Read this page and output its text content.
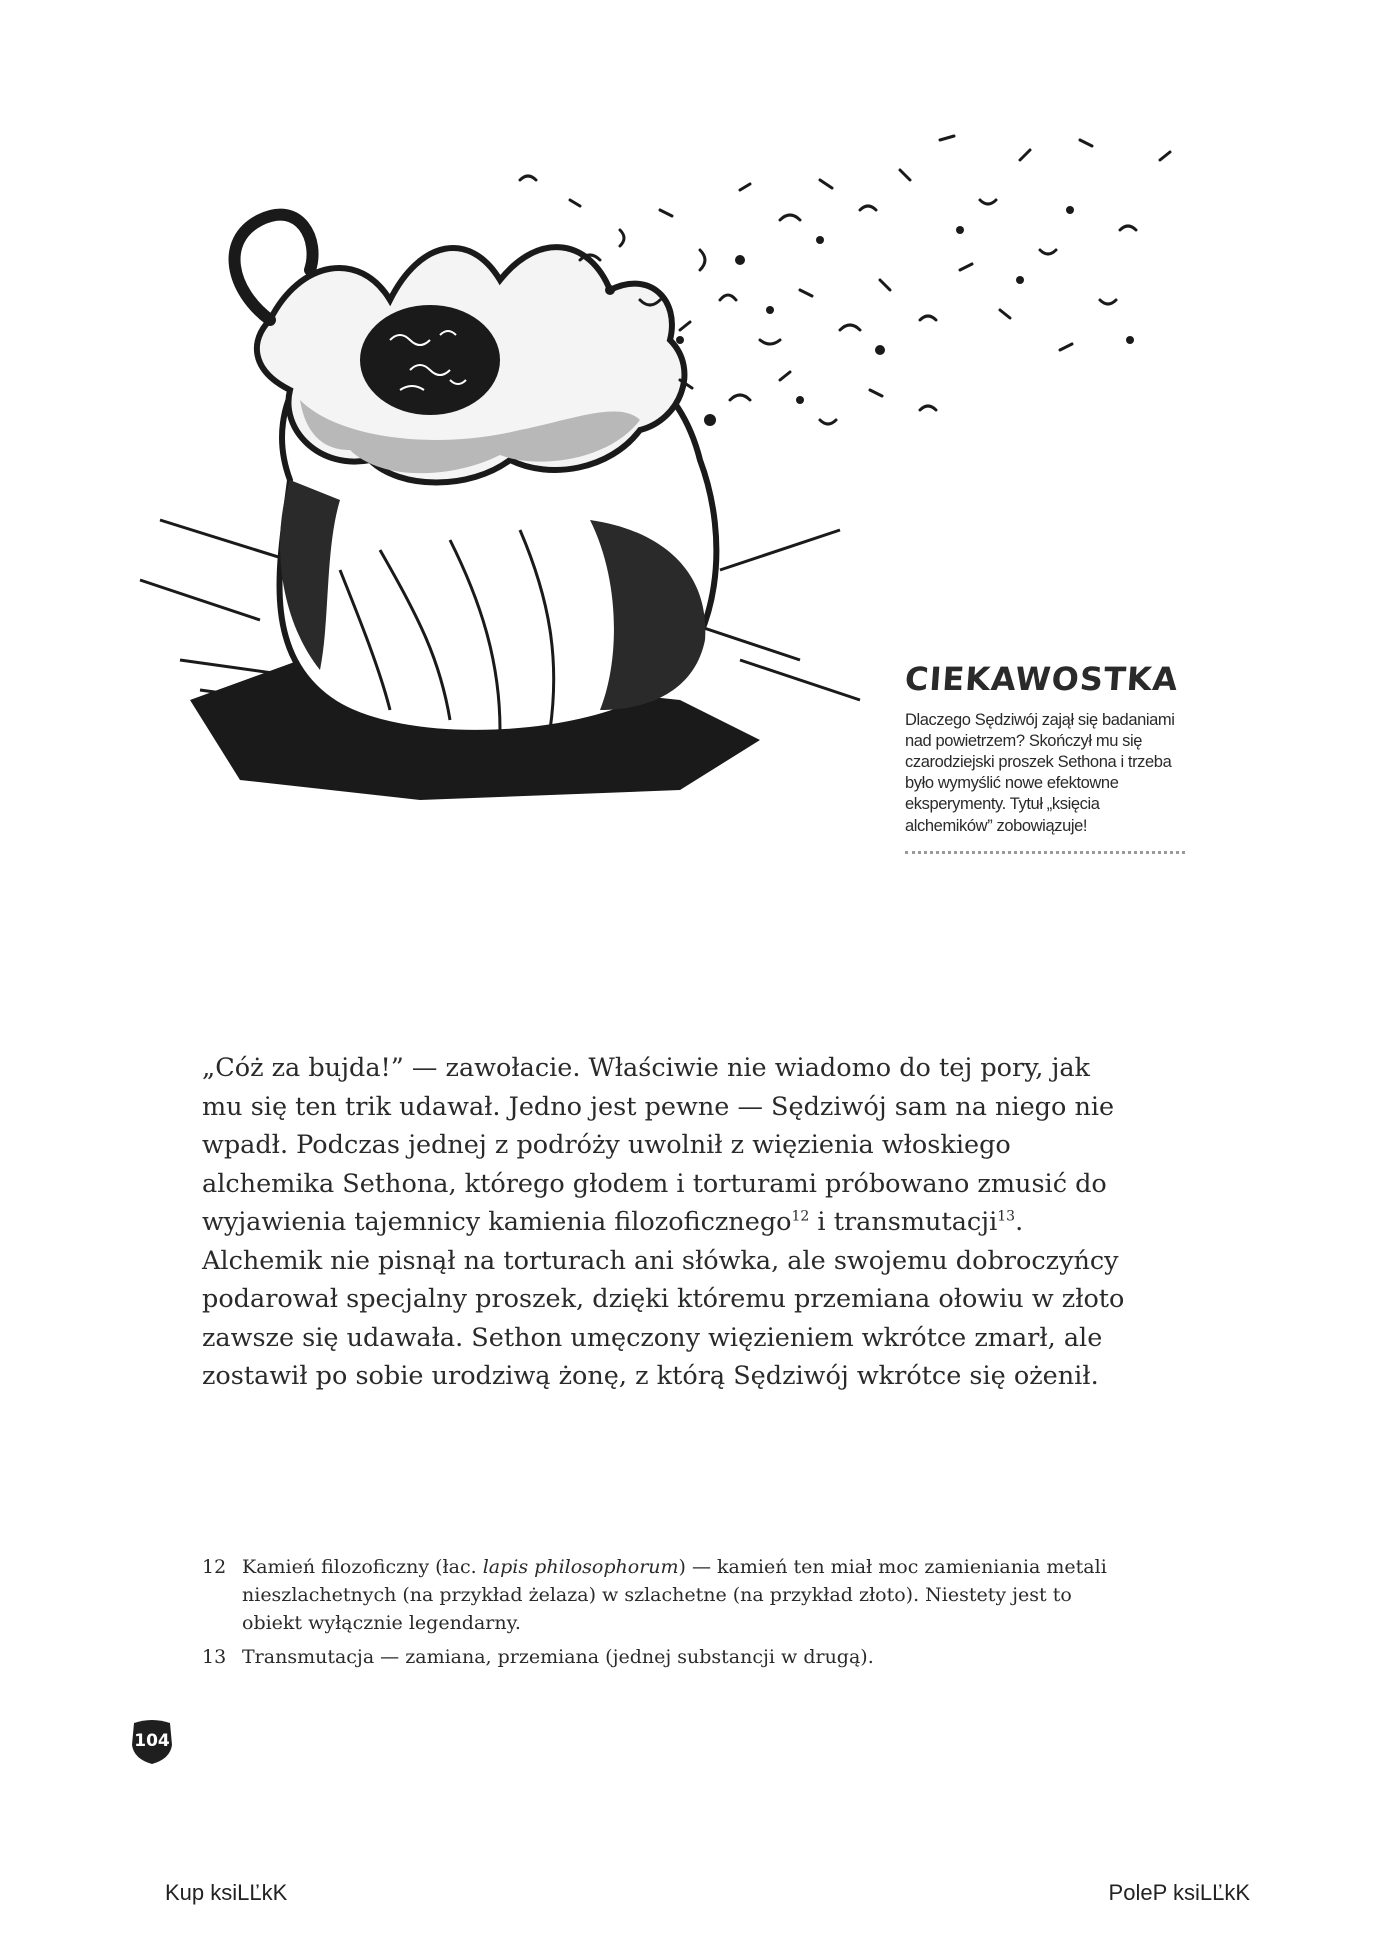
CIEKAWOSTKA
Dlaczego Sędziwój zajął się badaniami nad powietrzem? Skończył mu się czarodziejski proszek Sethona i trzeba było wymyślić nowe efektowne eksperymenty. Tytuł „księcia alchemików” zobowiązuje!

„Cóż za bujda!” — zawołacie. Właściwie nie wiadomo do tej pory, jak mu się ten trik udawał. Jedno jest pewne — Sędziwój sam na niego nie wpadł. Podczas jednej z podróży uwolnił z więzienia włoskiego alchemika Sethona, którego głodem i torturami próbowano zmusić do wyjawienia tajemnicy kamienia filozoficznego$^{12}$ i transmutacji$^{13}$. Alchemik nie pisnął na torturach ani słówka, ale swojemu dobroczyńcy podarował specjalny proszek, dzięki któremu przemiana ołowiu w złoto zawsze się udawała. Sethon umęczony więzieniem wkrótce zmarł, ale zostawił po sobie urodziwą żonę, z którą Sędziwój wkrótce się ożenił.

12 Kamień filozoficzny (łac. lapis philosophorum) — kamień ten miał moc zamieniania metali nieszlachetnych (na przykład żelaza) w szlachetne (na przykład złoto). Niestety jest to obiekt wyłącznie legendarny.
13 Transmutacja — zamiana, przemiana (jednej substancji w drugą).
104
Kup ksiLĽkK	PoleP ksiLĽkK
